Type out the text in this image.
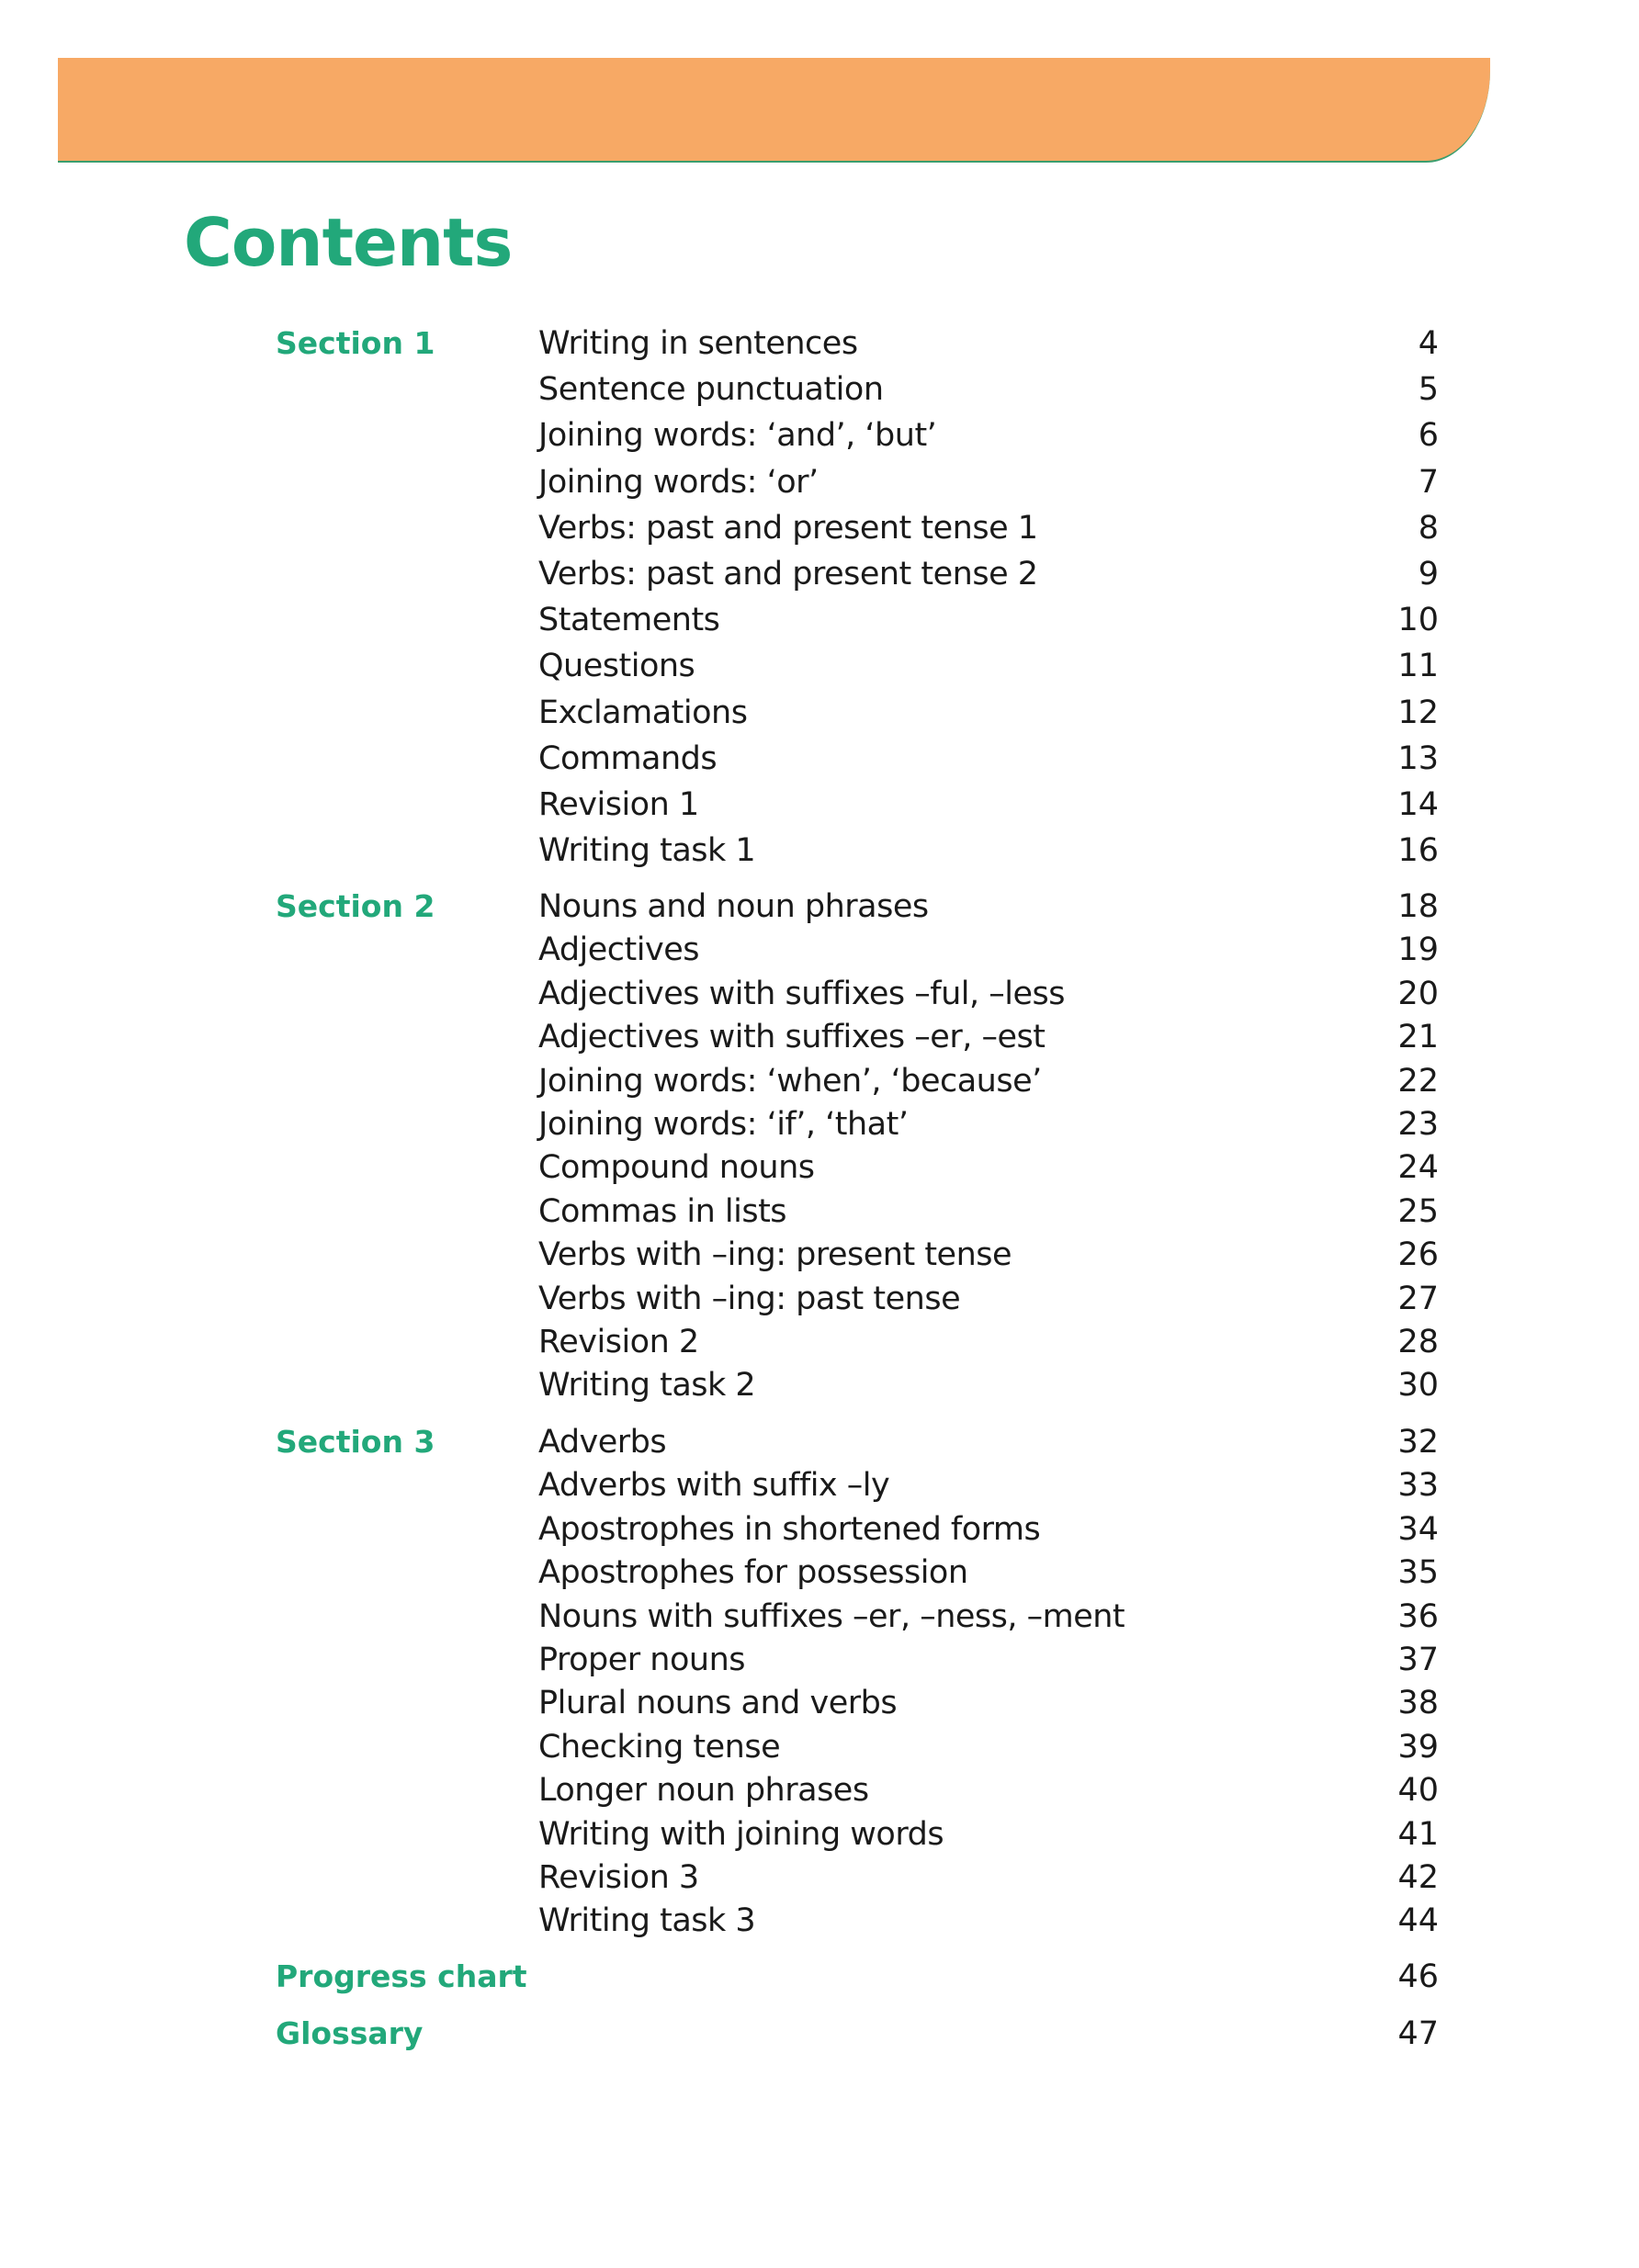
Contents
Section 1	Writing in sentences	4
Sentence punctuation	5
Joining words: ‘and’, ‘but’	6
Joining words: ‘or’	7
Verbs: past and present tense 1	8
Verbs: past and present tense 2	9
Statements	10
Questions	11
Exclamations	12
Commands	13
Revision 1	14
Writing task 1	16
Section 2	Nouns and noun phrases	18
Adjectives	19
Adjectives with suffixes –ful, –less	20
Adjectives with suffixes –er, –est	21
Joining words: ‘when’, ‘because’	22
Joining words: ‘if’, ‘that’	23
Compound nouns	24
Commas in lists	25
Verbs with –ing: present tense	26
Verbs with –ing: past tense	27
Revision 2	28
Writing task 2	30
Section 3	Adverbs	32
Adverbs with suffix –ly	33
Apostrophes in shortened forms	34
Apostrophes for possession	35
Nouns with suffixes –er, –ness, –ment	36
Proper nouns	37
Plural nouns and verbs	38
Checking tense	39
Longer noun phrases	40
Writing with joining words	41
Revision 3	42
Writing task 3	44
Progress chart	46
Glossary	47
